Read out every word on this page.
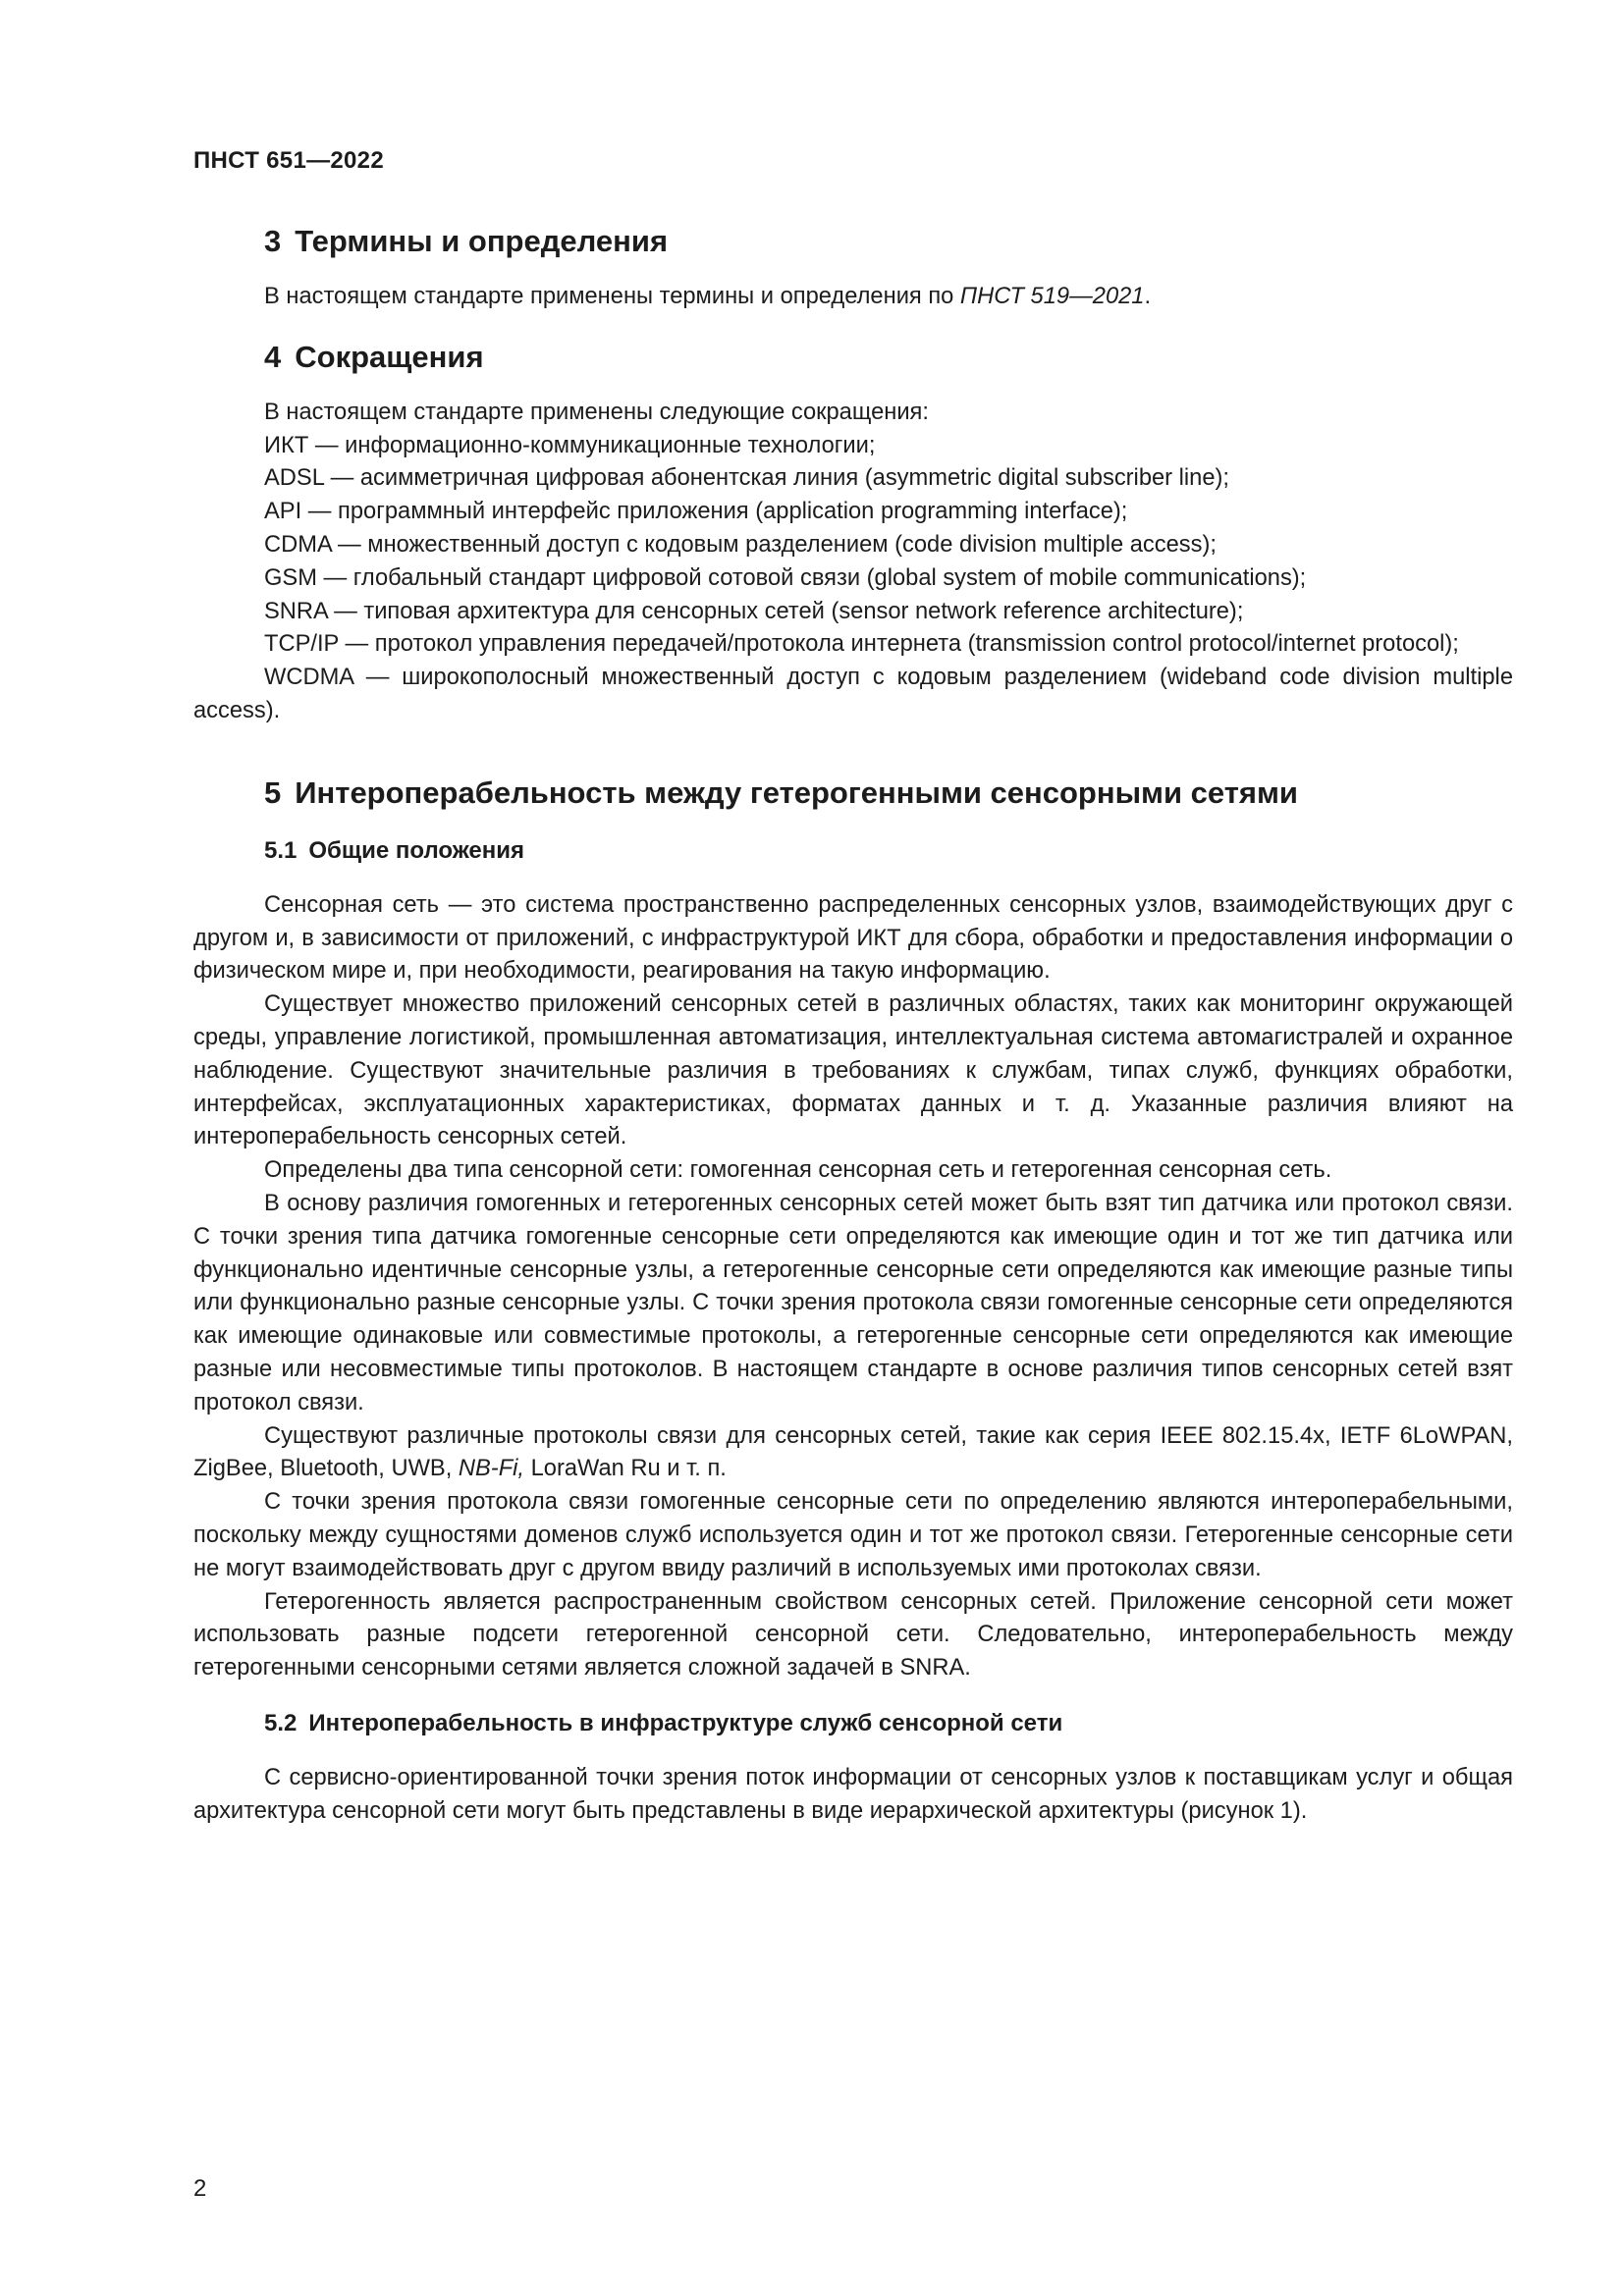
ПНСТ 651—2022
3 Термины и определения

В настоящем стандарте применены термины и определения по ПНСТ 519—2021.

4 Сокращения

В настоящем стандарте применены следующие сокращения:

ИКТ — информационно-коммуникационные технологии;

ADSL — асимметричная цифровая абонентская линия (asymmetric digital subscriber line);

API — программный интерфейс приложения (application programming interface);

CDMA — множественный доступ с кодовым разделением (code division multiple access);

GSM — глобальный стандарт цифровой сотовой связи (global system of mobile communications);

SNRA — типовая архитектура для сенсорных сетей (sensor network reference architecture);

TCP/IP — протокол управления передачей/протокола интернета (transmission control protocol/internet protocol);

WCDMA — широкополосный множественный доступ с кодовым разделением (wideband code division multiple access).

5 Интероперабельность между гетерогенными сенсорными сетями
5.1 Общие положения

Сенсорная сеть — это система пространственно распределенных сенсорных узлов, взаимодействующих друг с другом и, в зависимости от приложений, с инфраструктурой ИКТ для сбора, обработки и предоставления информации о физическом мире и, при необходимости, реагирования на такую информацию.

Существует множество приложений сенсорных сетей в различных областях, таких как мониторинг окружающей среды, управление логистикой, промышленная автоматизация, интеллектуальная система автомагистралей и охранное наблюдение. Существуют значительные различия в требованиях к службам, типах служб, функциях обработки, интерфейсах, эксплуатационных характеристиках, форматах данных и т. д. Указанные различия влияют на интероперабельность сенсорных сетей.

Определены два типа сенсорной сети: гомогенная сенсорная сеть и гетерогенная сенсорная сеть.

В основу различия гомогенных и гетерогенных сенсорных сетей может быть взят тип датчика или протокол связи. С точки зрения типа датчика гомогенные сенсорные сети определяются как имеющие один и тот же тип датчика или функционально идентичные сенсорные узлы, а гетерогенные сенсорные сети определяются как имеющие разные типы или функционально разные сенсорные узлы. С точки зрения протокола связи гомогенные сенсорные сети определяются как имеющие одинаковые или совместимые протоколы, а гетерогенные сенсорные сети определяются как имеющие разные или несовместимые типы протоколов. В настоящем стандарте в основе различия типов сенсорных сетей взят протокол связи.

Существуют различные протоколы связи для сенсорных сетей, такие как серия IEEE 802.15.4x, IETF 6LoWPAN, ZigBee, Bluetooth, UWB, NB-Fi, LoraWan Ru и т. п.

С точки зрения протокола связи гомогенные сенсорные сети по определению являются интероперабельными, поскольку между сущностями доменов служб используется один и тот же протокол связи. Гетерогенные сенсорные сети не могут взаимодействовать друг с другом ввиду различий в используемых ими протоколах связи.

Гетерогенность является распространенным свойством сенсорных сетей. Приложение сенсорной сети может использовать разные подсети гетерогенной сенсорной сети. Следовательно, интероперабельность между гетерогенными сенсорными сетями является сложной задачей в SNRA.

5.2 Интероперабельность в инфраструктуре служб сенсорной сети

С сервисно-ориентированной точки зрения поток информации от сенсорных узлов к поставщикам услуг и общая архитектура сенсорной сети могут быть представлены в виде иерархической архитектуры (рисунок 1).

2
